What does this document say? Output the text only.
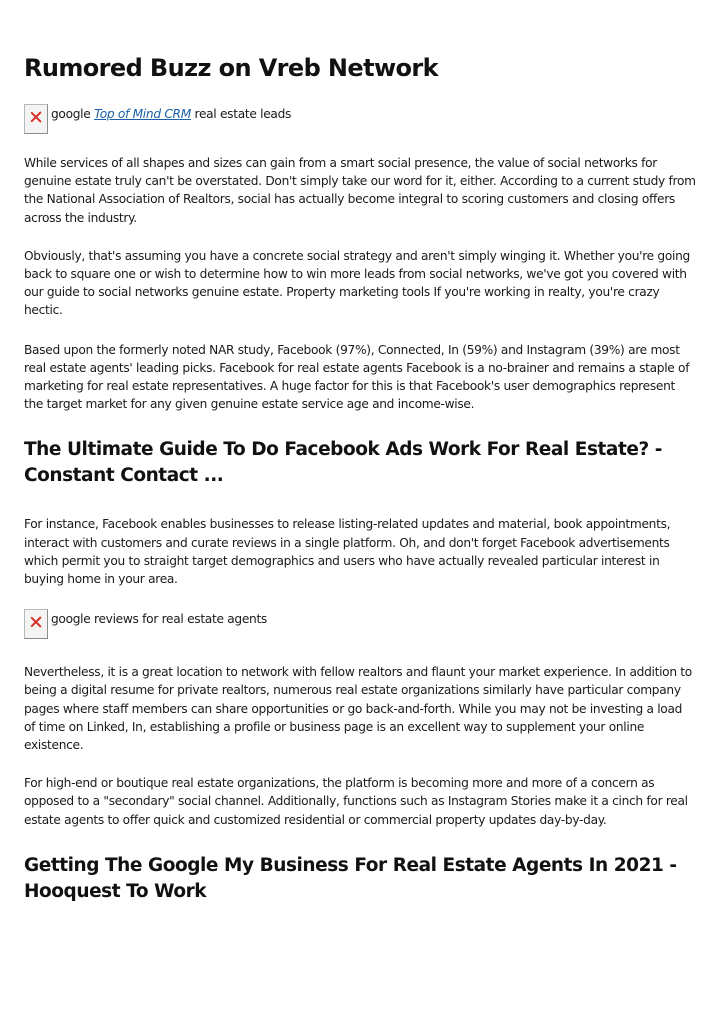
Rumored Buzz on Vreb Network
google Top of Mind CRM real estate leads

While services of all shapes and sizes can gain from a smart social presence, the value of social networks for genuine estate truly can't be overstated. Don't simply take our word for it, either. According to a current study from the National Association of Realtors, social has actually become integral to scoring customers and closing offers across the industry.

Obviously, that's assuming you have a concrete social strategy and aren't simply winging it. Whether you're going back to square one or wish to determine how to win more leads from social networks, we've got you covered with our guide to social networks genuine estate. Property marketing tools If you're working in realty, you're crazy hectic.

Based upon the formerly noted NAR study, Facebook (97%), Connected, In (59%) and Instagram (39%) are most real estate agents' leading picks. Facebook for real estate agents Facebook is a no-brainer and remains a staple of marketing for real estate representatives. A huge factor for this is that Facebook's user demographics represent the target market for any given genuine estate service age and income-wise.

The Ultimate Guide To Do Facebook Ads Work For Real Estate? - Constant Contact ...

For instance, Facebook enables businesses to release listing-related updates and material, book appointments, interact with customers and curate reviews in a single platform. Oh, and don't forget Facebook advertisements which permit you to straight target demographics and users who have actually revealed particular interest in buying home in your area.

google reviews for real estate agents

Nevertheless, it is a great location to network with fellow realtors and flaunt your market experience. In addition to being a digital resume for private realtors, numerous real estate organizations similarly have particular company pages where staff members can share opportunities or go back-and-forth. While you may not be investing a load of time on Linked, In, establishing a profile or business page is an excellent way to supplement your online existence.

For high-end or boutique real estate organizations, the platform is becoming more and more of a concern as opposed to a "secondary" social channel. Additionally, functions such as Instagram Stories make it a cinch for real estate agents to offer quick and customized residential or commercial property updates day-by-day.

Getting The Google My Business For Real Estate Agents In 2021 - Hooquest To Work
